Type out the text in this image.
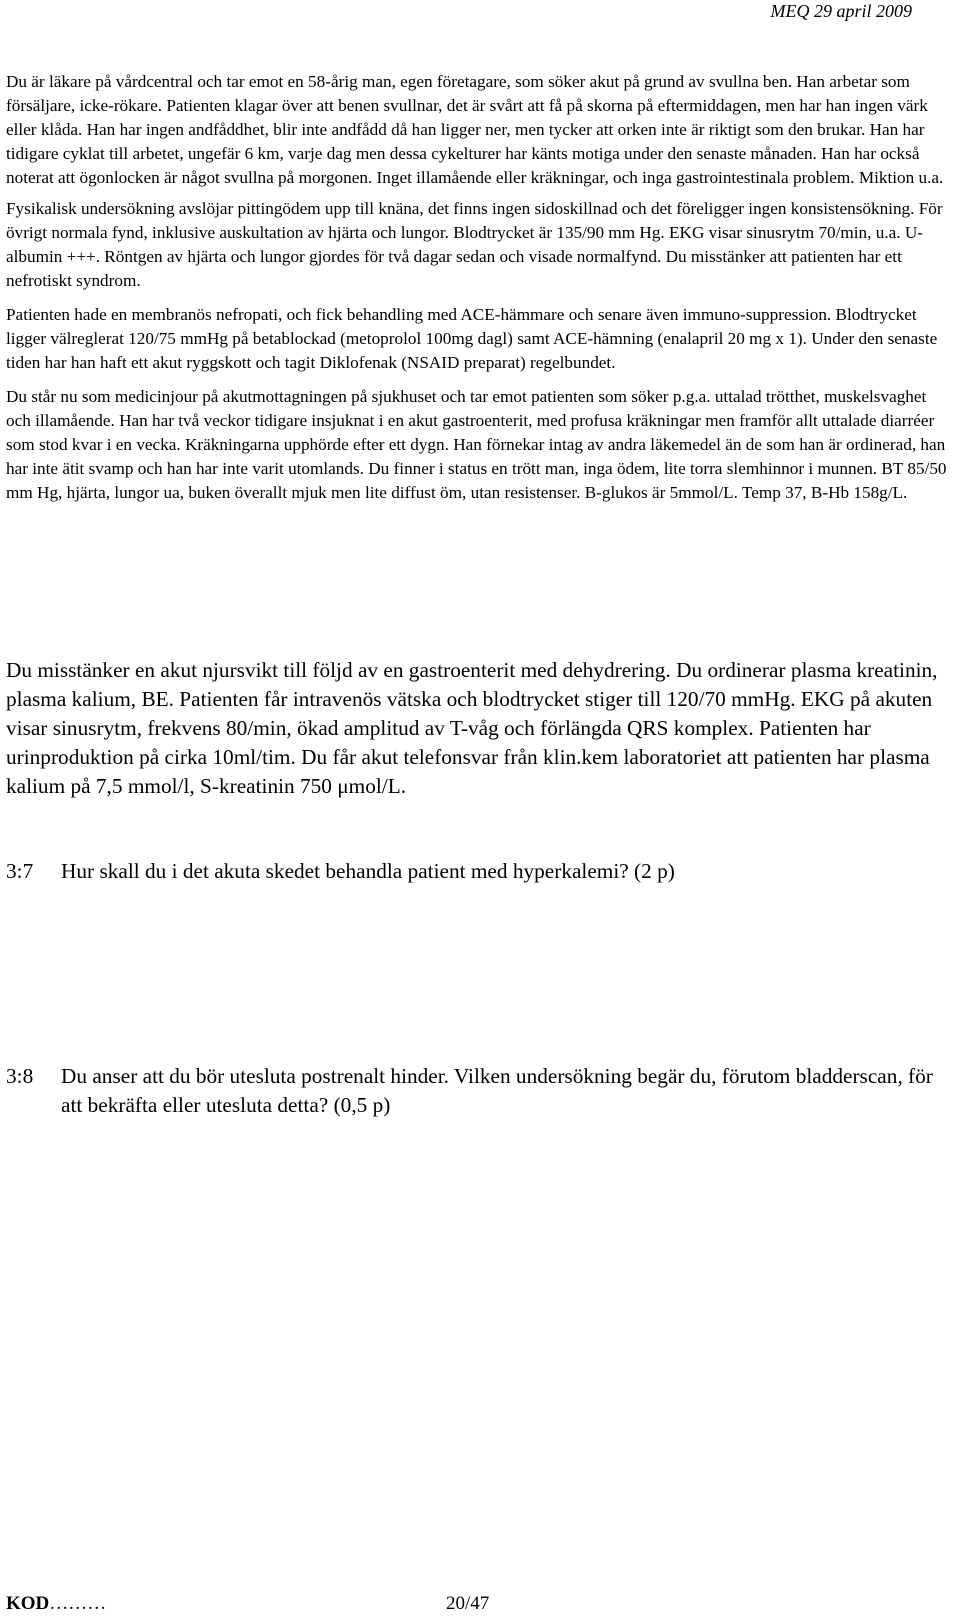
MEQ 29 april 2009

Du är läkare på vårdcentral och tar emot en 58-årig man, egen företagare, som söker akut på grund av svullna ben. Han arbetar som försäljare, icke-rökare. Patienten klagar över att benen svullnar, det är svårt att få på skorna på eftermiddagen, men har han ingen värk eller klåda. Han har ingen andfåddhet, blir inte andfådd då han ligger ner, men tycker att orken inte är riktigt som den brukar. Han har tidigare cyklat till arbetet, ungefär 6 km, varje dag men dessa cykelturer har känts motiga under den senaste månaden. Han har också noterat att ögonlocken är något svullna på morgonen. Inget illamående eller kräkningar, och inga gastrointestinala problem. Miktion u.a.

Fysikalisk undersökning avslöjar pittingödem upp till knäna, det finns ingen sidoskillnad och det föreligger ingen konsistensökning. För övrigt normala fynd, inklusive auskultation av hjärta och lungor. Blodtrycket är 135/90 mm Hg. EKG visar sinusrytm 70/min, u.a. U-albumin +++. Röntgen av hjärta och lungor gjordes för två dagar sedan och visade normalfynd. Du misstänker att patienten har ett nefrotiskt syndrom.

Patienten hade en membranös nefropati, och fick behandling med ACE-hämmare och senare även immuno-suppression. Blodtrycket ligger välreglerat 120/75 mmHg på betablockad (metoprolol 100mg dagl) samt ACE-hämning (enalapril 20 mg x 1). Under den senaste tiden har han haft ett akut ryggskott och tagit Diklofenak (NSAID preparat) regelbundet.

Du står nu som medicinjour på akutmottagningen på sjukhuset och tar emot patienten som söker p.g.a. uttalad trötthet, muskelsvaghet och illamående. Han har två veckor tidigare insjuknat i en akut gastroenterit, med profusa kräkningar men framför allt uttalade diarréer som stod kvar i en vecka. Kräkningarna upphörde efter ett dygn. Han förnekar intag av andra läkemedel än de som han är ordinerad, han har inte ätit svamp och han har inte varit utomlands. Du finner i status en trött man, inga ödem, lite torra slemhinnor i munnen. BT 85/50 mm Hg, hjärta, lungor ua, buken överallt mjuk men lite diffust öm, utan resistenser. B-glukos är 5mmol/L. Temp 37, B-Hb 158g/L.

Du misstänker en akut njursvikt till följd av en gastroenterit med dehydrering. Du ordinerar plasma kreatinin, plasma kalium, BE. Patienten får intravenös vätska och blodtrycket stiger till 120/70 mmHg. EKG på akuten visar sinusrytm, frekvens 80/min, ökad amplitud av T-våg och förlängda QRS komplex. Patienten har urinproduktion på cirka 10ml/tim. Du får akut telefonsvar från klin.kem laboratoriet att patienten har plasma kalium på 7,5 mmol/l, S-kreatinin 750 μmol/L.

3:7	Hur skall du i det akuta skedet behandla patient med hyperkalemi? (2 p)
3:8	Du anser att du bör utesluta postrenalt hinder. Vilken undersökning begär du, förutom bladderscan, för att bekräfta eller utesluta detta? (0,5 p)
KOD………	20/47
